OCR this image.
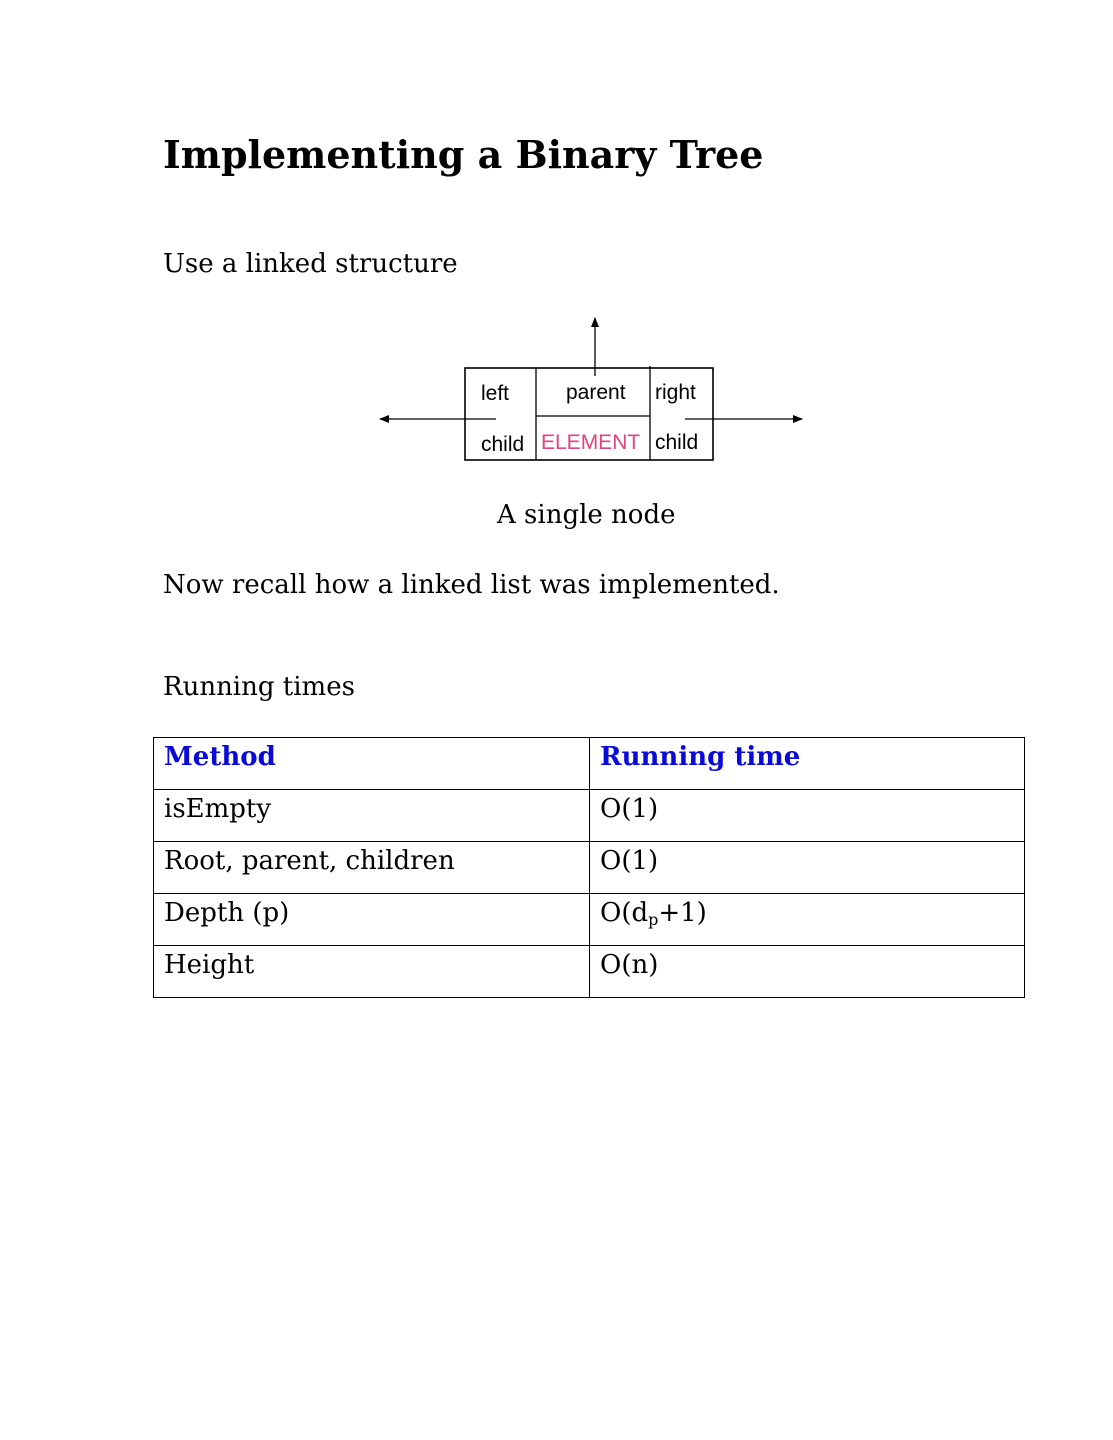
Implementing a Binary Tree

Use a linked structure

left
child
parent
ELEMENT
right
child

A single node

Now recall how a linked list was implemented.

Running times

Method	Running time
isEmpty	O(1)
Root, parent, children	O(1)
Depth (p)	$O(d_p+1)$
Height	O(n)
